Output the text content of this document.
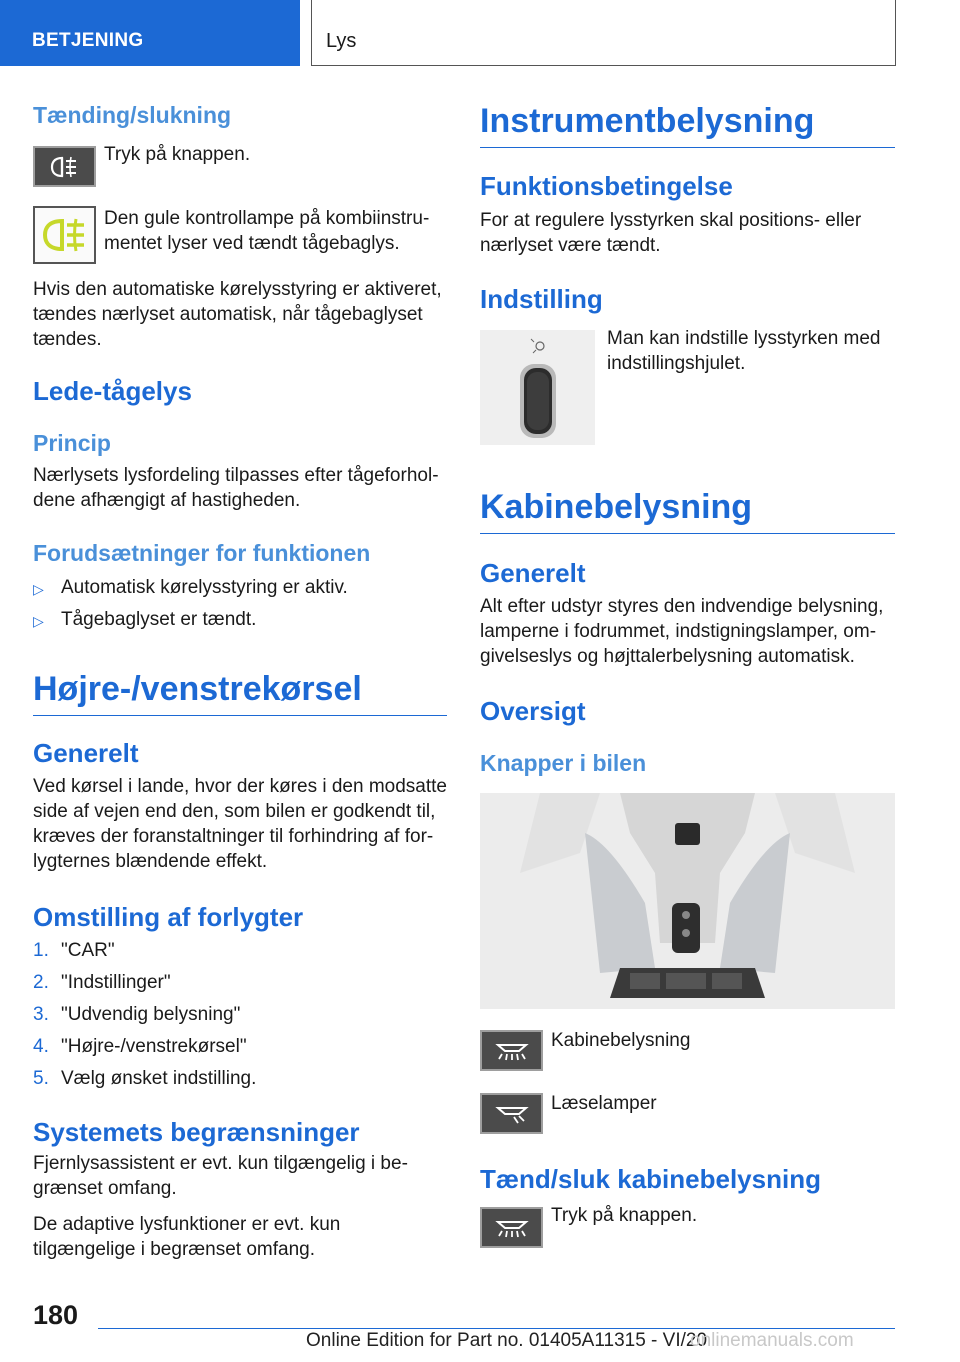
BETJENING	Lys
Tænding/slukning
Tryk på knappen.
Den gule kontrollampe på kombiinstrumentet lyser ved tændt tågebaglys.

Hvis den automatiske kørelysstyring er aktiveret, tændes nærlyset automatisk, når tågebaglyset tændes.

Lede-tågelys
Princip

Nærlysets lysfordeling tilpasses efter tågeforholdene afhængigt af hastigheden.

Forudsætninger for funktionen
▷ Automatisk kørelysstyring er aktiv.
▷ Tågebaglyset er tændt.
Højre-/venstrekørsel
Generelt

Ved kørsel i lande, hvor der køres i den modsatte side af vejen end den, som bilen er godkendt til, kræves der foranstaltninger til forhindring af forlygternes blændende effekt.

Omstilling af forlygter
1. "CAR"
2. "Indstillinger"
3. "Udvendig belysning"
4. "Højre-/venstrekørsel"
5. Vælg ønsket indstilling.
Systemets begrænsninger

Fjernlysassistent er evt. kun tilgængelig i begrænset omfang.

De adaptive lysfunktioner er evt. kun tilgængelige i begrænset omfang.

Instrumentbelysning
Funktionsbetingelse

For at regulere lysstyrken skal positions- eller nærlyset være tændt.

Indstilling

Man kan indstille lysstyrken med indstillingshjulet.

Kabinebelysning
Generelt

Alt efter udstyr styres den indvendige belysning, lamperne i fodrummet, indstigningslamper, omgivelseslys og højttalerbelysning automatisk.

Oversigt
Knapper i bilen
Kabinebelysning
Læselamper
Tænd/sluk kabinebelysning
Tryk på knappen.
180
Online Edition for Part no. 01405A11315 - VI/20
onlinemanuals.com
